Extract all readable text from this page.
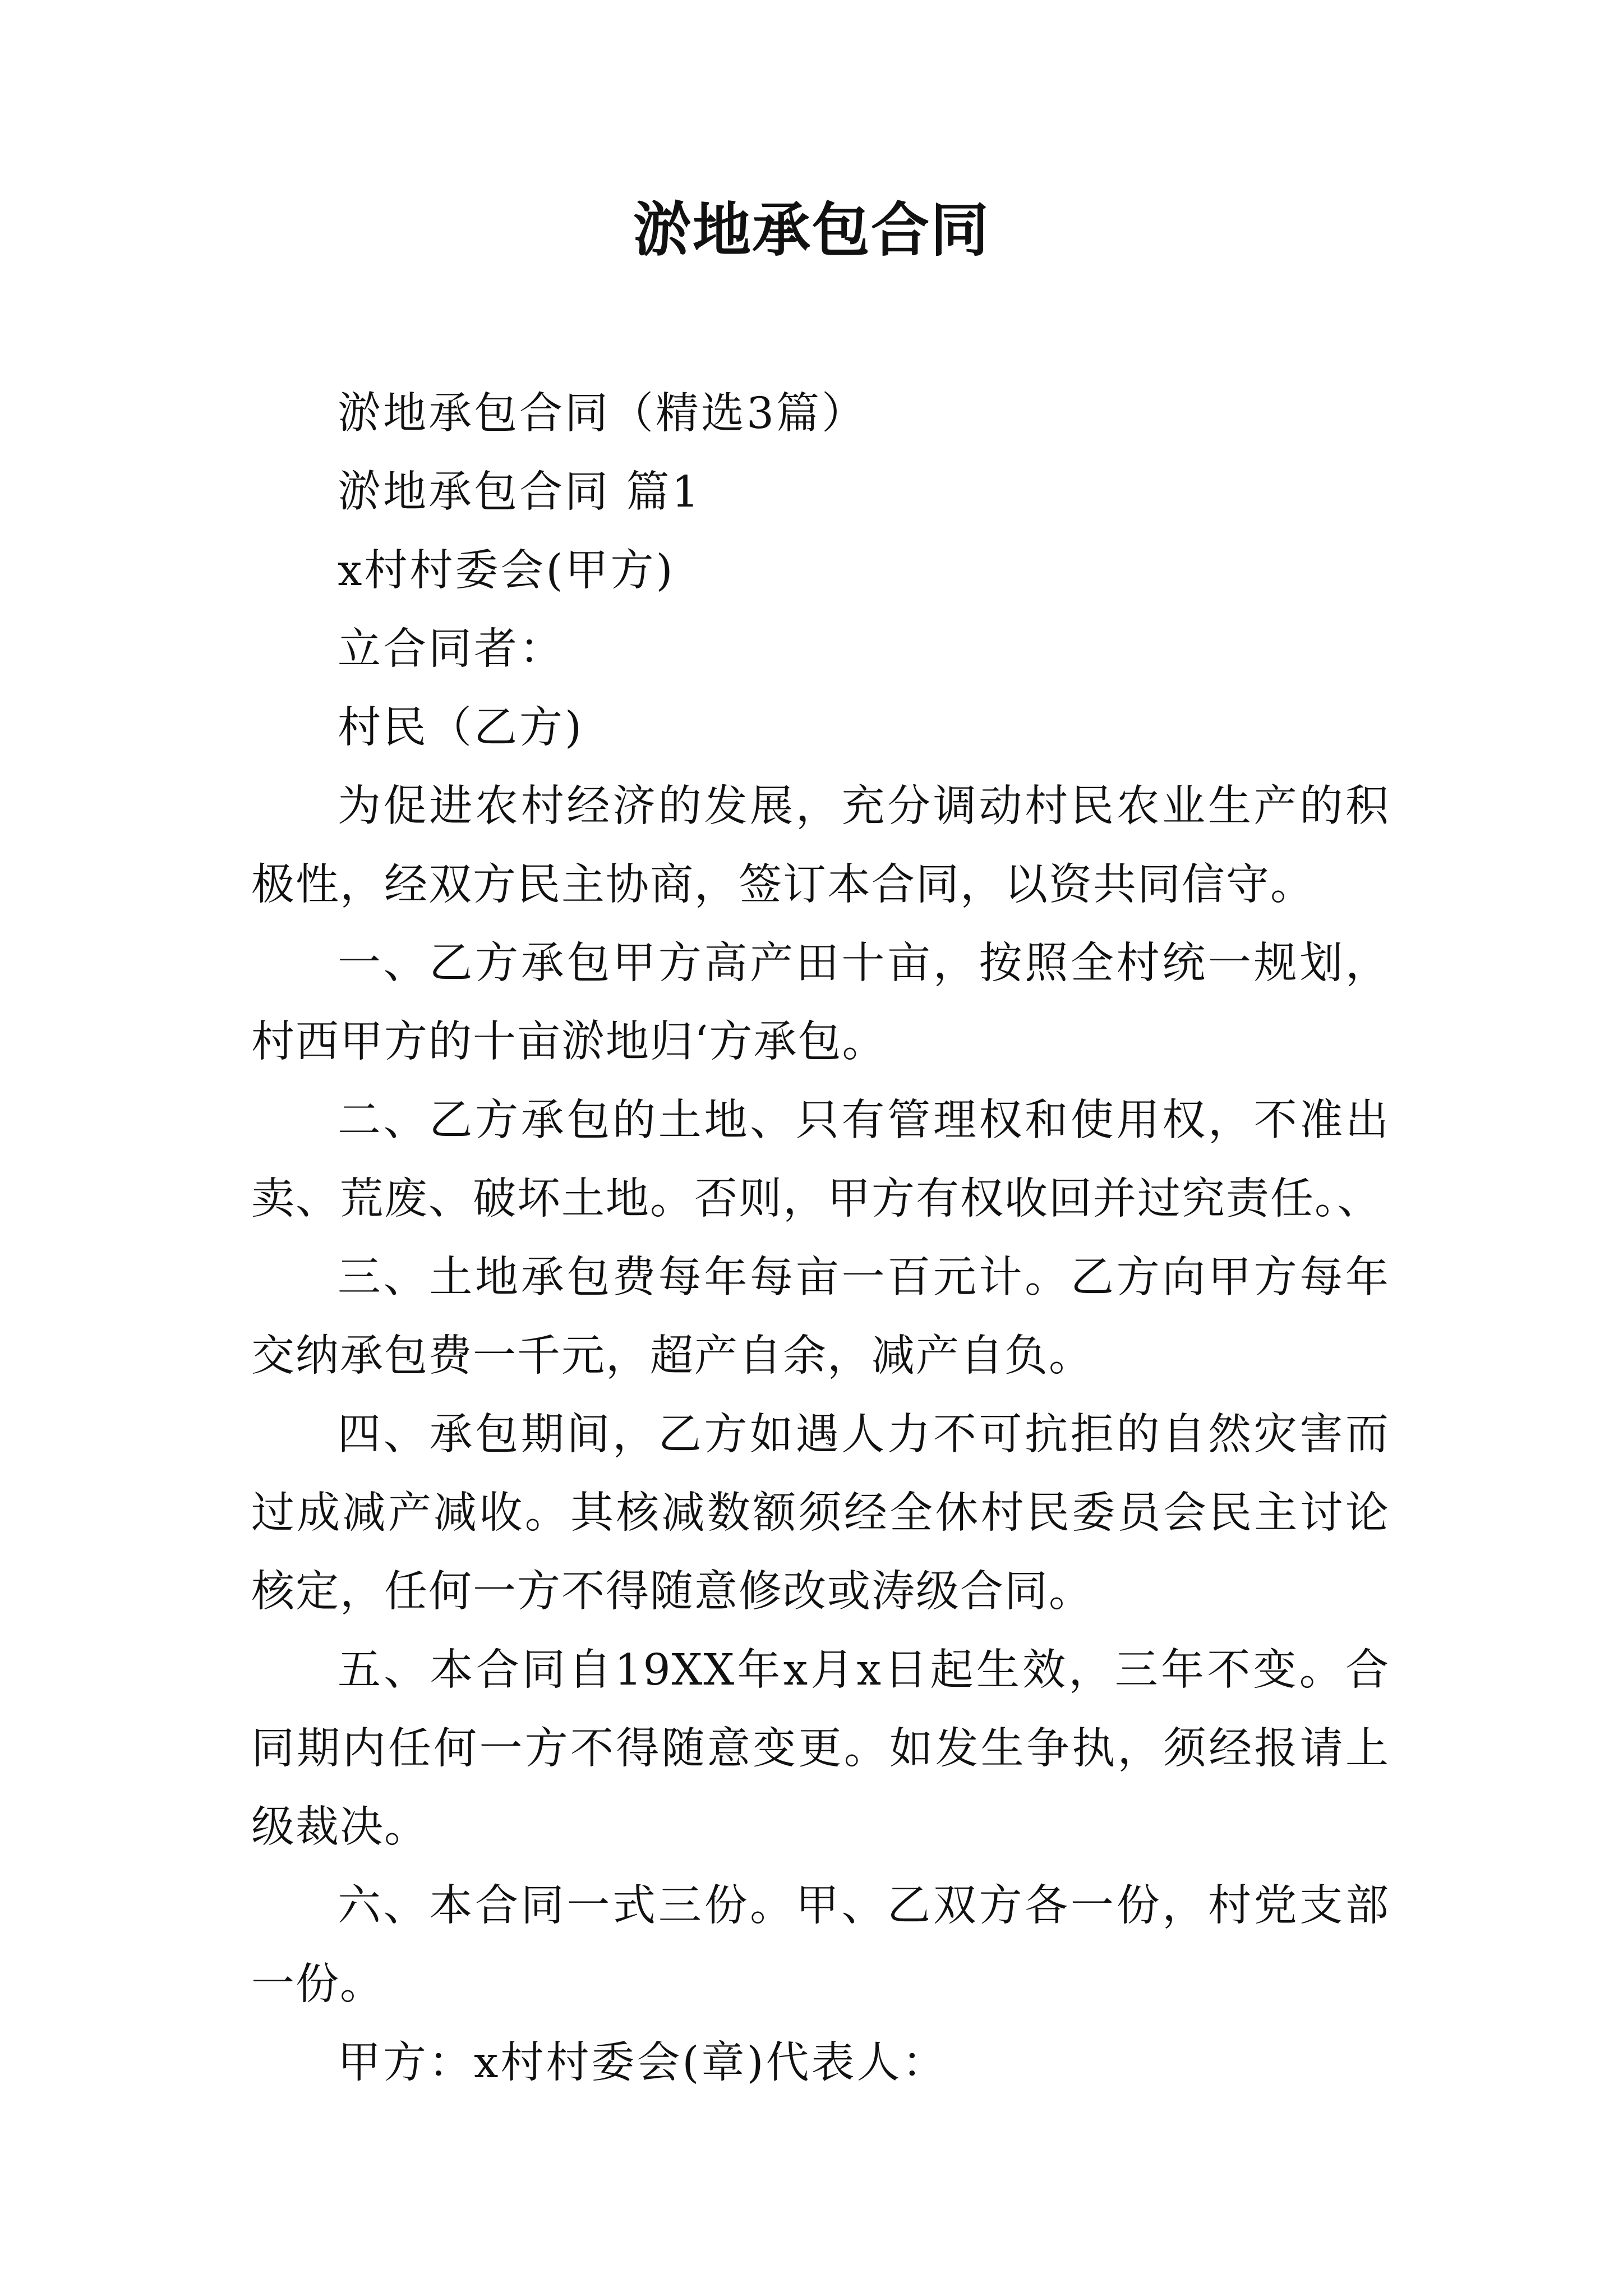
淤地承包合同

淤地承包合同（精选3篇）

淤地承包合同 篇1

x村村委会(甲方)

立合同者：

村民（乙方)

为促进农村经济的发展，充分调动村民农业生产的积极性，经双方民主协商，签订本合同，以资共同信守。

一、乙方承包甲方高产田十亩，按照全村统一规划，村西甲方的十亩淤地归‘方承包。

二、乙方承包的土地、只有管理权和使用权，不准出卖、荒废、破坏土地。否则，甲方有权收回并过究责任。、

三、土地承包费每年每亩一百元计。乙方向甲方每年交纳承包费一千元，超产自余，减产自负。

四、承包期间，乙方如遇人力不可抗拒的自然灾害而过成减产减收。其核减数额须经全休村民委员会民主讨论核定，任何一方不得随意修改或涛级合同。

五、本合同自19XX年x月x日起生效，三年不变。合同期内任何一方不得随意变更。如发生争执，须经报请上级裁决。

六、本合同一式三份。甲、乙双方各一份，村党支部一份。

甲方：x村村委会(章)代表人：
